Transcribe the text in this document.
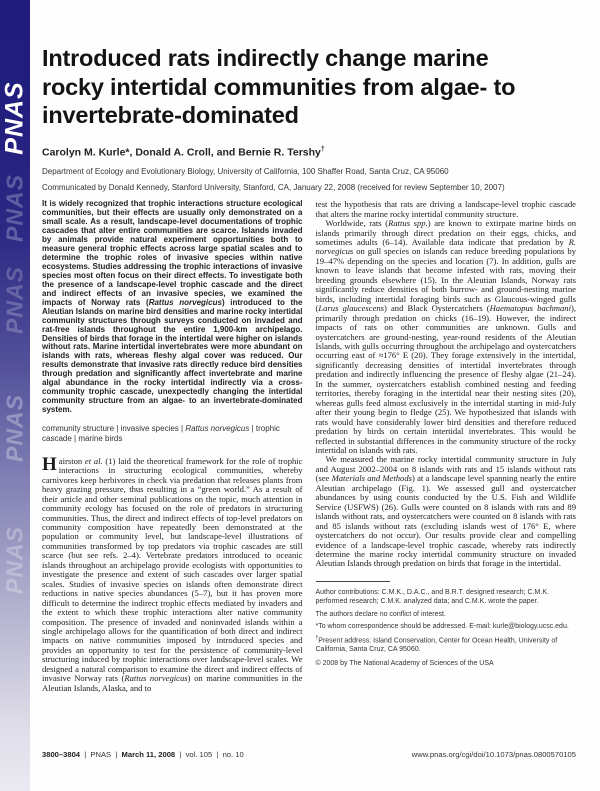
PNAS
PNAS
PNAS
PNAS
PNAS
Introduced rats indirectly change marine rocky intertidal communities from algae- to invertebrate-dominated
Carolyn M. Kurle*, Donald A. Croll, and Bernie R. Tershy†
Department of Ecology and Evolutionary Biology, University of California, 100 Shaffer Road, Santa Cruz, CA 95060
Communicated by Donald Kennedy, Stanford University, Stanford, CA, January 22, 2008 (received for review September 10, 2007)

It is widely recognized that trophic interactions structure ecological communities, but their effects are usually only demonstrated on a small scale. As a result, landscape-level documentations of trophic cascades that alter entire communities are scarce. Islands invaded by animals provide natural experiment opportunities both to measure general trophic effects across large spatial scales and to determine the trophic roles of invasive species within native ecosystems. Studies addressing the trophic interactions of invasive species most often focus on their direct effects. To investigate both the presence of a landscape-level trophic cascade and the direct and indirect effects of an invasive species, we examined the impacts of Norway rats (Rattus norvegicus) introduced to the Aleutian Islands on marine bird densities and marine rocky intertidal community structures through surveys conducted on invaded and rat-free islands throughout the entire 1,900-km archipelago. Densities of birds that forage in the intertidal were higher on islands without rats. Marine intertidal invertebrates were more abundant on islands with rats, whereas fleshy algal cover was reduced. Our results demonstrate that invasive rats directly reduce bird densities through predation and significantly affect invertebrate and marine algal abundance in the rocky intertidal indirectly via a cross-community trophic cascade, unexpectedly changing the intertidal community structure from an algae- to an invertebrate-dominated system.

community structure | invasive species | Rattus norvegicus | trophic cascade | marine birds

Hairston et al. (1) laid the theoretical framework for the role of trophic interactions in structuring ecological communities, whereby carnivores keep herbivores in check via predation that releases plants from heavy grazing pressure, thus resulting in a “green world.” As a result of their article and other seminal publications on the topic, much attention in community ecology has focused on the role of predators in structuring communities. Thus, the direct and indirect effects of top-level predators on community composition have repeatedly been demonstrated at the population or community level, but landscape-level illustrations of communities transformed by top predators via trophic cascades are still scarce (but see refs. 2–4). Vertebrate predators introduced to oceanic islands throughout an archipelago provide ecologists with opportunities to investigate the presence and extent of such cascades over larger spatial scales. Studies of invasive species on islands often demonstrate direct reductions in native species abundances (5–7), but it has proven more difficult to determine the indirect trophic effects mediated by invaders and the extent to which these trophic interactions alter native community composition. The presence of invaded and noninvaded islands within a single archipelago allows for the quantification of both direct and indirect impacts on native communities imposed by introduced species and provides an opportunity to test for the persistence of community-level structuring induced by trophic interactions over landscape-level scales. We designed a natural comparison to examine the direct and indirect effects of invasive Norway rats (Rattus norvegicus) on marine communities in the Aleutian Islands, Alaska, and to

test the hypothesis that rats are driving a landscape-level trophic cascade that alters the marine rocky intertidal community structure.

Worldwide, rats (Rattus spp.) are known to extirpate marine birds on islands primarily through direct predation on their eggs, chicks, and sometimes adults (6–14). Available data indicate that predation by R. norvegicus on gull species on islands can reduce breeding populations by 19–47% depending on the species and location (7). In addition, gulls are known to leave islands that become infested with rats, moving their breeding grounds elsewhere (15). In the Aleutian Islands, Norway rats significantly reduce densities of both burrow- and ground-nesting marine birds, including intertidal foraging birds such as Glaucous-winged gulls (Larus glaucescens) and Black Oystercatchers (Haematopus bachmani), primarily through predation on chicks (16–19). However, the indirect impacts of rats on other communities are unknown. Gulls and oystercatchers are ground-nesting, year-round residents of the Aleutian Islands, with gulls occurring throughout the archipelago and oystercatchers occurring east of ≈176° E (20). They forage extensively in the intertidal, significantly decreasing densities of intertidal invertebrates through predation and indirectly influencing the presence of fleshy algae (21–24). In the summer, oystercatchers establish combined nesting and feeding territories, thereby foraging in the intertidal near their nesting sites (20), whereas gulls feed almost exclusively in the intertidal starting in mid-July after their young begin to fledge (25). We hypothesized that islands with rats would have considerably lower bird densities and therefore reduced predation by birds on certain intertidal invertebrates. This would be reflected in substantial differences in the community structure of the rocky intertidal on islands with rats.

We measured the marine rocky intertidal community structure in July and August 2002–2004 on 8 islands with rats and 15 islands without rats (see Materials and Methods) at a landscape level spanning nearly the entire Aleutian archipelago (Fig. 1). We assessed gull and oystercatcher abundances by using counts conducted by the U.S. Fish and Wildlife Service (USFWS) (26). Gulls were counted on 8 islands with rats and 89 islands without rats, and oystercatchers were counted on 8 islands with rats and 85 islands without rats (excluding islands west of 176° E, where oystercatchers do not occur). Our results provide clear and compelling evidence of a landscape-level trophic cascade, whereby rats indirectly determine the marine rocky intertidal community structure on invaded Aleutian Islands through predation on birds that forage in the intertidal.

Author contributions: C.M.K., D.A.C., and B.R.T. designed research; C.M.K. performed research; C.M.K. analyzed data; and C.M.K. wrote the paper.

The authors declare no conflict of interest.

*To whom correspondence should be addressed. E-mail: kurle@biology.ucsc.edu.

†Present address: Island Conservation, Center for Ocean Health, University of California, Santa Cruz, CA 95060.

© 2008 by The National Academy of Sciences of the USA

3800–3804  |  PNAS  |  March 11, 2008  |  vol. 105  |  no. 10	www.pnas.org/cgi/doi/10.1073/pnas.0800570105
